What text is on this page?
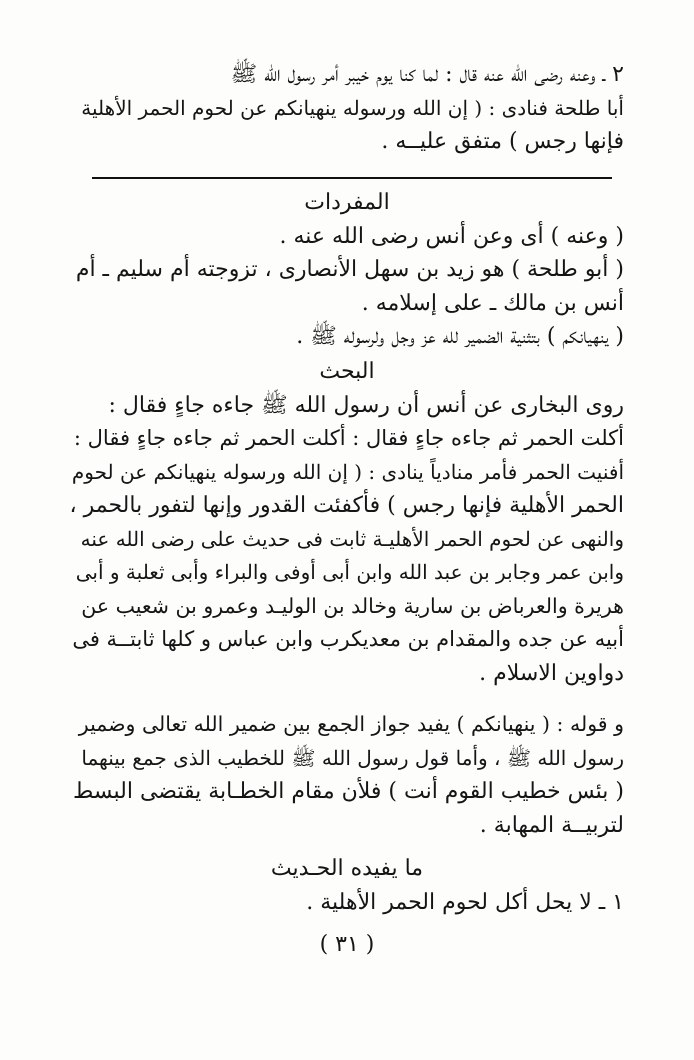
٢ ـ وعنه رضى الله عنه قال : لما كنا يوم خيبر أمر رسول الله ﷺ
أبا طلحة فنادى : ( إن الله ورسوله ينهيانكم عن لحوم الحمر الأهلية
فإنها رجس ) متفق عليــه .
المفردات
( وعنه ) أى وعن أنس رضى الله عنه .
( أبو طلحة ) هو زيد بن سهل الأنصارى ، تزوجته أم سليم ـ أم
أنس بن مالك ـ على إسلامه .
( ينهيانكم ) بتثنية الضمير لله عز وجل ولرسوله ﷺ .
البحث
روى البخارى عن أنس أن رسول الله ﷺ جاءه جاءٍ فقال :
أكلت الحمر ثم جاءه جاءٍ فقال : أكلت الحمر ثم جاءه جاءٍ فقال :
أفنيت الحمر فأمر منادياً ينادى : ( إن الله ورسوله ينهيانكم عن لحوم
الحمر الأهلية فإنها رجس ) فأكفئت القدور وإنها لتفور بالحمر ،
والنهى عن لحوم الحمر الأهليـة ثابت فى حديث على رضى الله عنه
وابن عمر وجابر بن عبد الله وابن أبى أوفى والبراء وأبى ثعلبة و أبى
هريرة والعرباض بن سارية وخالد بن الوليـد وعمرو بن شعيب عن
أبيه عن جده والمقدام بن معديكرب وابن عباس و كلها ثابتــة فى
دواوين الاسلام .
و قوله : ( ينهيانكم ) يفيد جواز الجمع بين ضمير الله تعالى وضمير
رسول الله ﷺ ، وأما قول رسول الله ﷺ للخطيب الذى جمع بينهما
( بئس خطيب القوم أنت ) فلأن مقام الخطـابة يقتضى البسط
لتربيــة المهابة .
ما يفيده الحـديث
١ ـ لا يحل أكل لحوم الحمر الأهلية .
( ٣١ )
